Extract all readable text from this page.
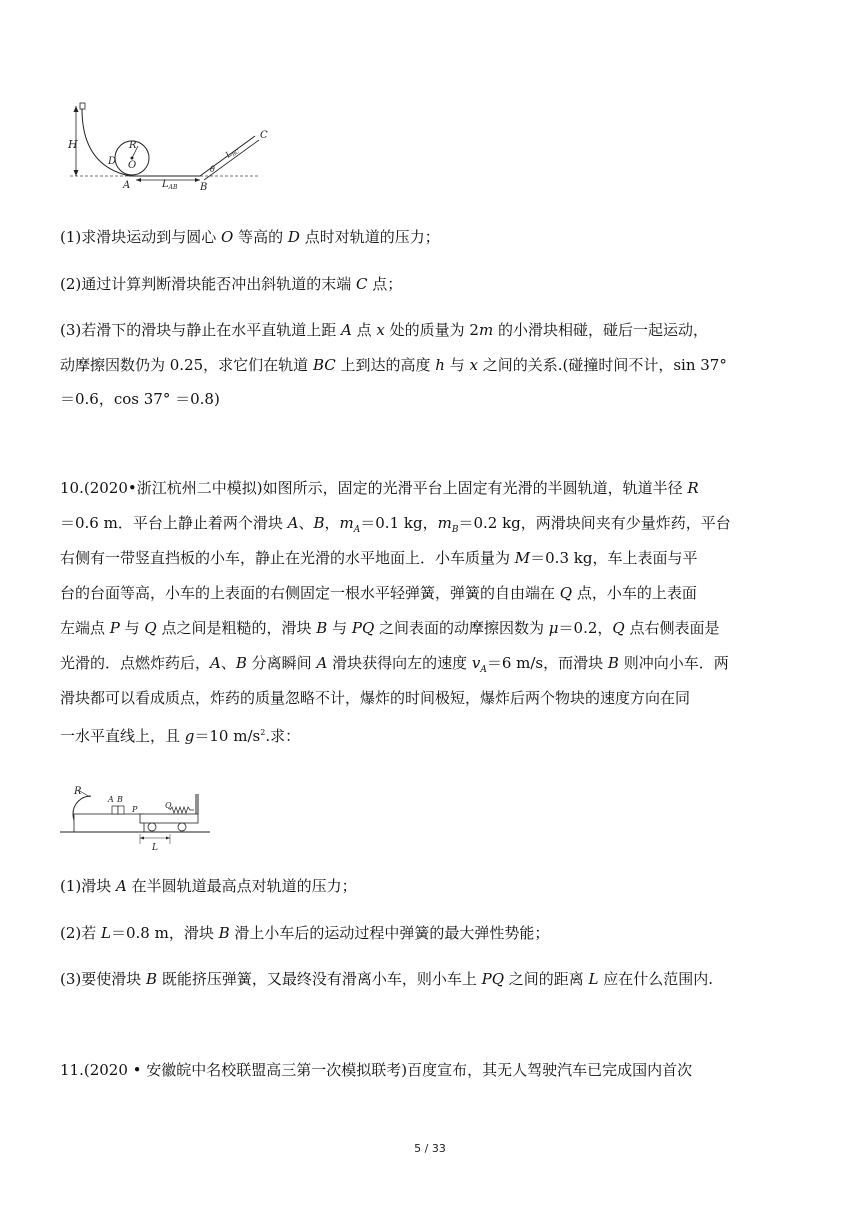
H	R
O
D
A	$L_{AB}$ B
C
$L_{BC}$
θ
(1)求滑块运动到与圆心 O 等高的 D 点时对轨道的压力；
(2)通过计算判断滑块能否冲出斜轨道的末端 C 点；
(3)若滑下的滑块与静止在水平直轨道上距 A 点 x 处的质量为 2m 的小滑块相碰，碰后一起运动，
动摩擦因数仍为 0.25，求它们在轨道 BC 上到达的高度 h 与 x 之间的关系.(碰撞时间不计，sin 37°
＝0.6，cos 37° ＝0.8)
10.(2020•浙江杭州二中模拟)如图所示，固定的光滑平台上固定有光滑的半圆轨道，轨道半径 R
＝0.6 m．平台上静止着两个滑块 A、B，$m_A=0.1$ kg，$m_B=0.2$ kg，两滑块间夹有少量炸药，平台
右侧有一带竖直挡板的小车，静止在光滑的水平地面上．小车质量为 M＝0.3 kg，车上表面与平
台的台面等高，小车的上表面的右侧固定一根水平轻弹簧，弹簧的自由端在 Q 点，小车的上表面
左端点 P 与 Q 点之间是粗糙的，滑块 B 与 PQ 之间表面的动摩擦因数为 μ＝0.2，Q 点右侧表面是
光滑的．点燃炸药后，A、B 分离瞬间 A 滑块获得向左的速度 $v_A=6$ m/s，而滑块 B 则冲向小车．两
滑块都可以看成质点，炸药的质量忽略不计，爆炸的时间极短，爆炸后两个物块的速度方向在同
一水平直线上，且 g＝10 $m/s^2$.求：
R
A B
P	Q
L
(1)滑块 A 在半圆轨道最高点对轨道的压力；
(2)若 L＝0.8 m，滑块 B 滑上小车后的运动过程中弹簧的最大弹性势能；
(3)要使滑块 B 既能挤压弹簧，又最终没有滑离小车，则小车上 PQ 之间的距离 L 应在什么范围内.
11.(2020 • 安徽皖中名校联盟高三第一次模拟联考)百度宣布，其无人驾驶汽车已完成国内首次
5 / 33
